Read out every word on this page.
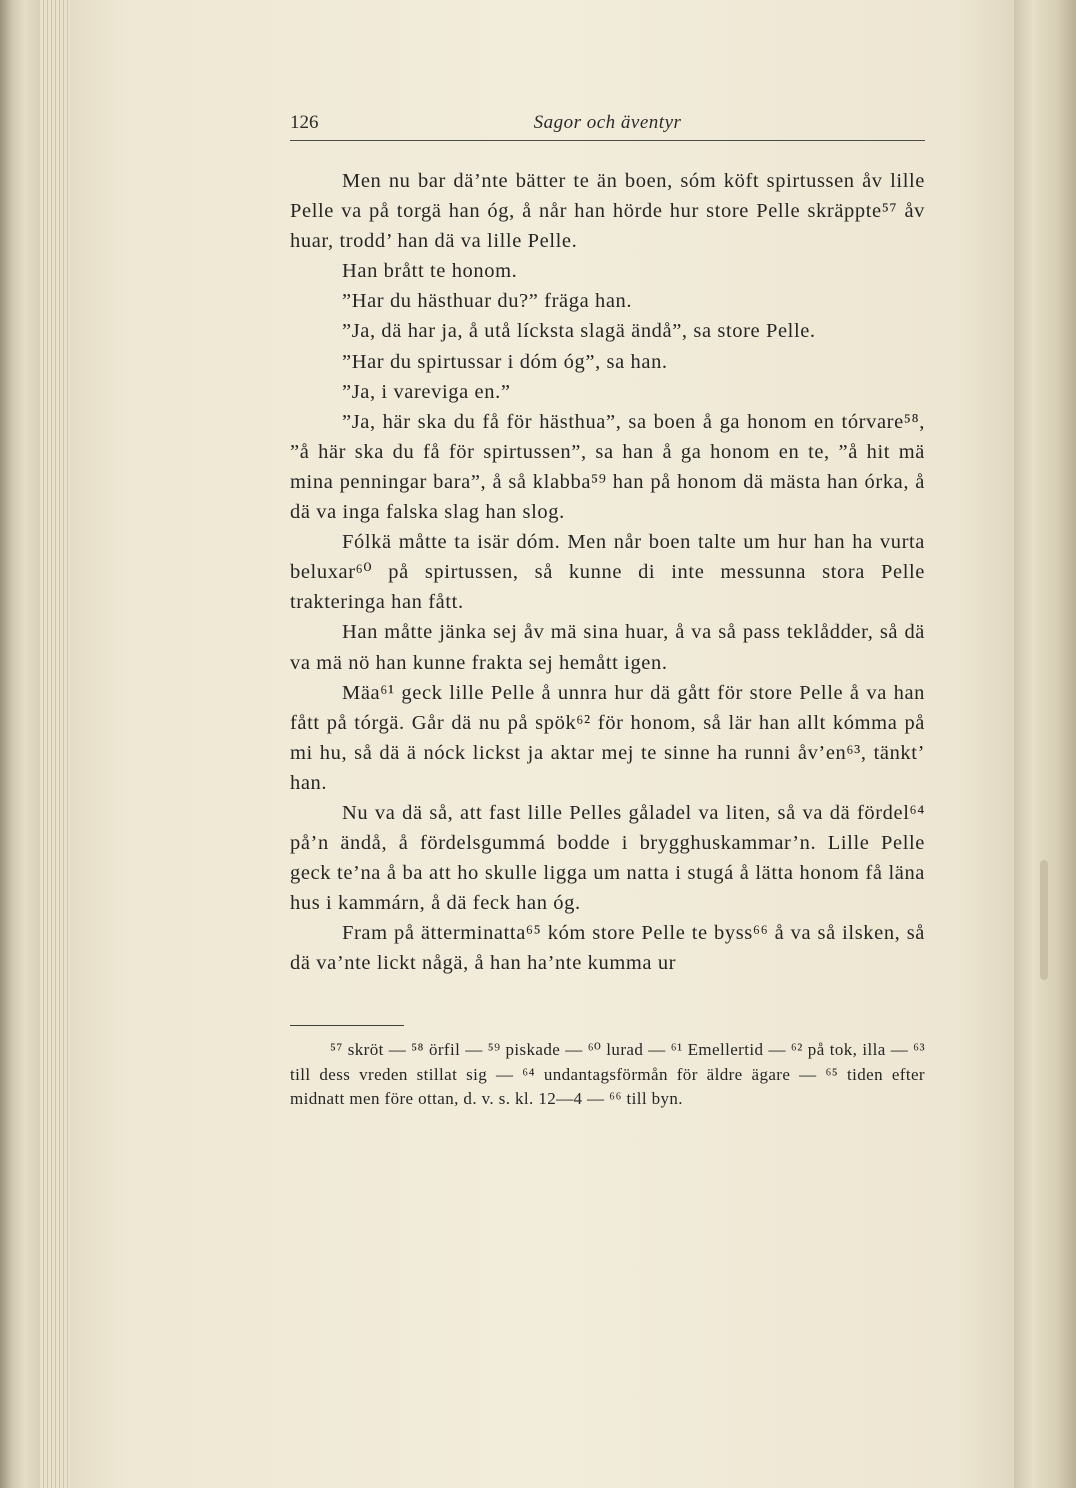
126	Sagor och äventyr

Men nu bar dä’nte bätter te än boen, sóm köft spirtussen åv lille Pelle va på torgä han óg, å når han hörde hur store Pelle skräppte⁵⁷ åv huar, trodd’ han dä va lille Pelle.

Han brått te honom.

”Har du hästhuar du?” fräga han.

”Ja, dä har ja, å utå lícksta slagä ändå”, sa store Pelle.

”Har du spirtussar i dóm óg”, sa han.

”Ja, i vareviga en.”

”Ja, här ska du få för hästhua”, sa boen å ga honom en tórvare⁵⁸, ”å här ska du få för spirtussen”, sa han å ga honom en te, ”å hit mä mina penningar bara”, å så klabba⁵⁹ han på honom dä mästa han órka, å dä va inga falska slag han slog.

Fólkä måtte ta isär dóm. Men når boen talte um hur han ha vurta beluxar⁶⁰ på spirtussen, så kunne di inte messunna stora Pelle trakteringa han fått.

Han måtte jänka sej åv mä sina huar, å va så pass teklådder, så dä va mä nö han kunne frakta sej hemått igen.

Mäa⁶¹ geck lille Pelle å unnra hur dä gått för store Pelle å va han fått på tórgä. Går dä nu på spök⁶² för honom, så lär han allt kómma på mi hu, så dä ä nóck lickst ja aktar mej te sinne ha runni åv’en⁶³, tänkt’ han.

Nu va dä så, att fast lille Pelles gåladel va liten, så va dä fördel⁶⁴ på’n ändå, å fördelsgummá bodde i brygghuskammar’n. Lille Pelle geck te’na å ba att ho skulle ligga um natta i stugá å lätta honom få läna hus i kammárn, å dä feck han óg.

Fram på ätterminatta⁶⁵ kóm store Pelle te byss⁶⁶ å va så ilsken, så dä va’nte lickt någä, å han ha’nte kumma ur

⁵⁷ skröt — ⁵⁸ örfil — ⁵⁹ piskade — ⁶⁰ lurad — ⁶¹ Emellertid — ⁶² på tok, illa — ⁶³ till dess vreden stillat sig — ⁶⁴ undantagsförmån för äldre ägare — ⁶⁵ tiden efter midnatt men före ottan, d. v. s. kl. 12—4 — ⁶⁶ till byn.
